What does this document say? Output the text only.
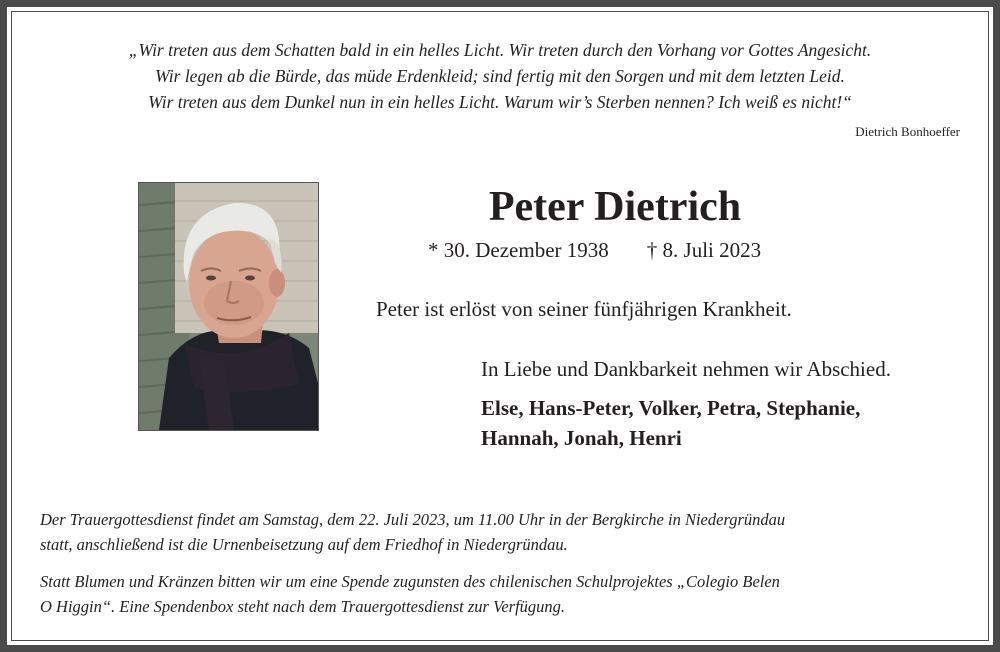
„Wir treten aus dem Schatten bald in ein helles Licht. Wir treten durch den Vorhang vor Gottes Angesicht.
Wir legen ab die Bürde, das müde Erdenkleid; sind fertig mit den Sorgen und mit dem letzten Leid.
Wir treten aus dem Dunkel nun in ein helles Licht. Warum wir’s Sterben nennen? Ich weiß es nicht!“
Dietrich Bonhoeffer
Peter Dietrich
* 30. Dezember 1938 † 8. Juli 2023
Peter ist erlöst von seiner fünfjährigen Krankheit.
In Liebe und Dankbarkeit nehmen wir Abschied.
Else, Hans-Peter, Volker, Petra, Stephanie,
Hannah, Jonah, Henri
Der Trauergottesdienst findet am Samstag, dem 22. Juli 2023, um 11.00 Uhr in der Bergkirche in Niedergründau
statt, anschließend ist die Urnenbeisetzung auf dem Friedhof in Niedergründau.
Statt Blumen und Kränzen bitten wir um eine Spende zugunsten des chilenischen Schulprojektes „Colegio Belen
O Higgin“. Eine Spendenbox steht nach dem Trauergottesdienst zur Verfügung.
